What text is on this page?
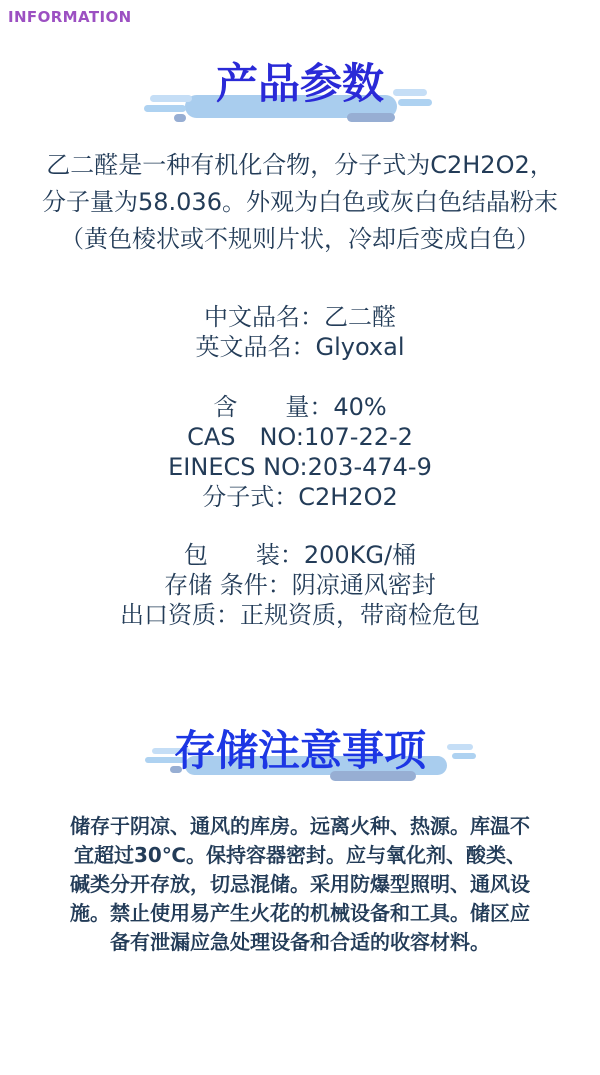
INFORMATION
产品参数

乙二醛是一种有机化合物，分子式为C2H2O2，分子量为58.036。外观为白色或灰白色结晶粉末（黄色棱状或不规则片状，冷却后变成白色）

中文品名：乙二醛
英文品名：Glyoxal
含　　量：40%
CAS　NO:107-22-2
EINECS NO:203-474-9
分子式：C2H2O2
包　　装：200KG/桶
存储 条件：阴凉通风密封
出口资质：正规资质，带商检危包
存储注意事项

储存于阴凉、通风的库房。远离火种、热源。库温不宜超过30℃。保持容器密封。应与氧化剂、酸类、碱类分开存放，切忌混储。采用防爆型照明、通风设施。禁止使用易产生火花的机械设备和工具。储区应备有泄漏应急处理设备和合适的收容材料。
